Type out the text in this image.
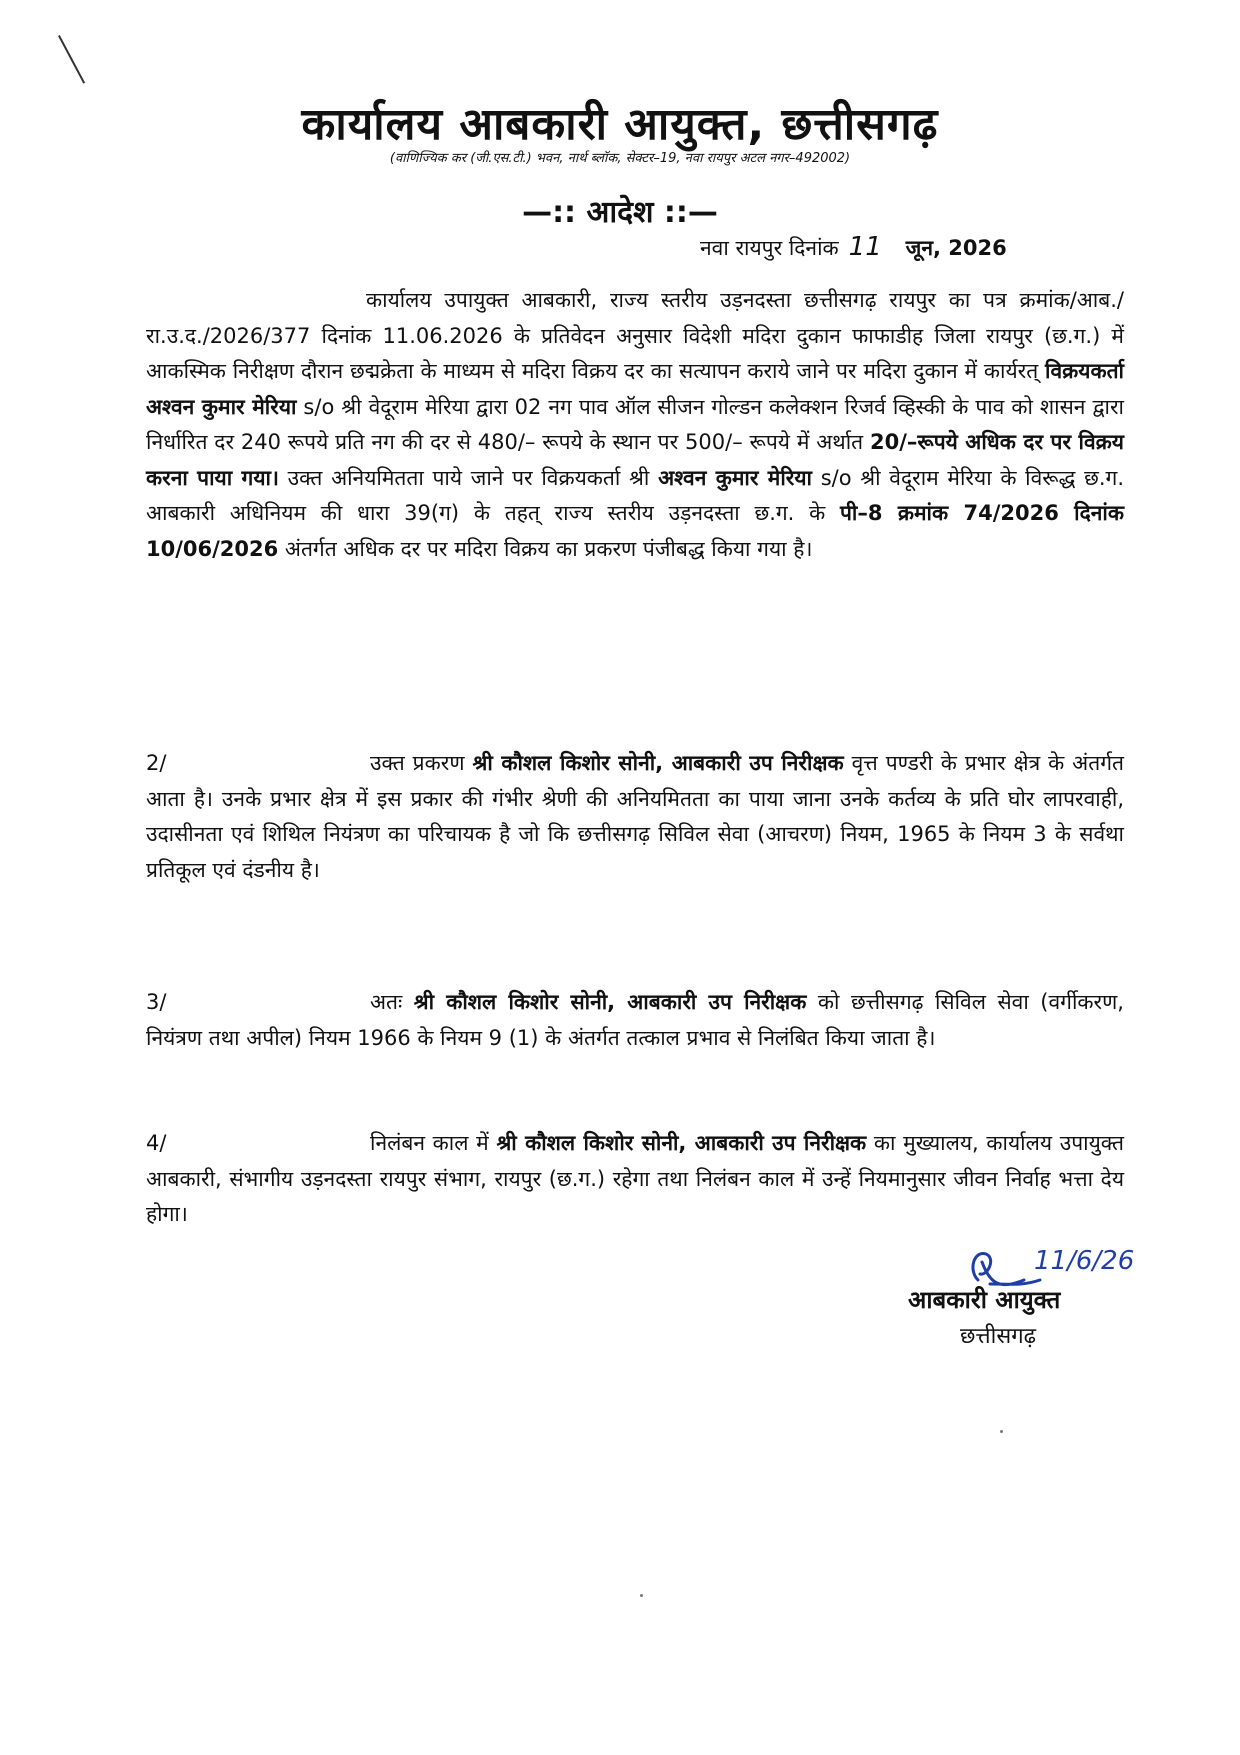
कार्यालय आबकारी आयुक्त, छत्तीसगढ़
(वाणिज्यिक कर (जी.एस.टी.) भवन, नार्थ ब्लॉक, सेक्टर–19, नवा रायपुर अटल नगर–492002)
—:: आदेश ::—
नवा रायपुर दिनांक 11 जून, 2026
कार्यालय उपायुक्त आबकारी, राज्य स्तरीय उड़नदस्ता छत्तीसगढ़ रायपुर का पत्र क्रमांक/आब./रा.उ.द./2026/377 दिनांक 11.06.2026 के प्रतिवेदन अनुसार विदेशी मदिरा दुकान फाफाडीह जिला रायपुर (छ.ग.) में आकस्मिक निरीक्षण दौरान छद्मक्रेता के माध्यम से मदिरा विक्रय दर का सत्यापन कराये जाने पर मदिरा दुकान में कार्यरत् विक्रयकर्ता अश्वन कुमार मेरिया s/o श्री वेदूराम मेरिया द्वारा 02 नग पाव ऑल सीजन गोल्डन कलेक्शन रिजर्व व्हिस्की के पाव को शासन द्वारा निर्धारित दर 240 रूपये प्रति नग की दर से 480/– रूपये के स्थान पर 500/– रूपये में अर्थात 20/–रूपये अधिक दर पर विक्रय करना पाया गया। उक्त अनियमितता पाये जाने पर विक्रयकर्ता श्री अश्वन कुमार मेरिया s/o श्री वेदूराम मेरिया के विरूद्ध छ.ग. आबकारी अधिनियम की धारा 39(ग) के तहत् राज्य स्तरीय उड़नदस्ता छ.ग. के पी–8 क्रमांक 74/2026 दिनांक 10/06/2026 अंतर्गत अधिक दर पर मदिरा विक्रय का प्रकरण पंजीबद्ध किया गया है।
2/	उक्त प्रकरण श्री कौशल किशोर सोनी, आबकारी उप निरीक्षक वृत्त पण्डरी के प्रभार क्षेत्र के अंतर्गत आता है। उनके प्रभार क्षेत्र में इस प्रकार की गंभीर श्रेणी की अनियमितता का पाया जाना उनके कर्तव्य के प्रति घोर लापरवाही, उदासीनता एवं शिथिल नियंत्रण का परिचायक है जो कि छत्तीसगढ़ सिविल सेवा (आचरण) नियम, 1965 के नियम 3 के सर्वथा प्रतिकूल एवं दंडनीय है।
3/	अतः श्री कौशल किशोर सोनी, आबकारी उप निरीक्षक को छत्तीसगढ़ सिविल सेवा (वर्गीकरण, नियंत्रण तथा अपील) नियम 1966 के नियम 9 (1) के अंतर्गत तत्काल प्रभाव से निलंबित किया जाता है।
4/	निलंबन काल में श्री कौशल किशोर सोनी, आबकारी उप निरीक्षक का मुख्यालय, कार्यालय उपायुक्त आबकारी, संभागीय उड़नदस्ता रायपुर संभाग, रायपुर (छ.ग.) रहेगा तथा निलंबन काल में उन्हें नियमानुसार जीवन निर्वाह भत्ता देय होगा।
11/6/26
आबकारी आयुक्त
छत्तीसगढ़
